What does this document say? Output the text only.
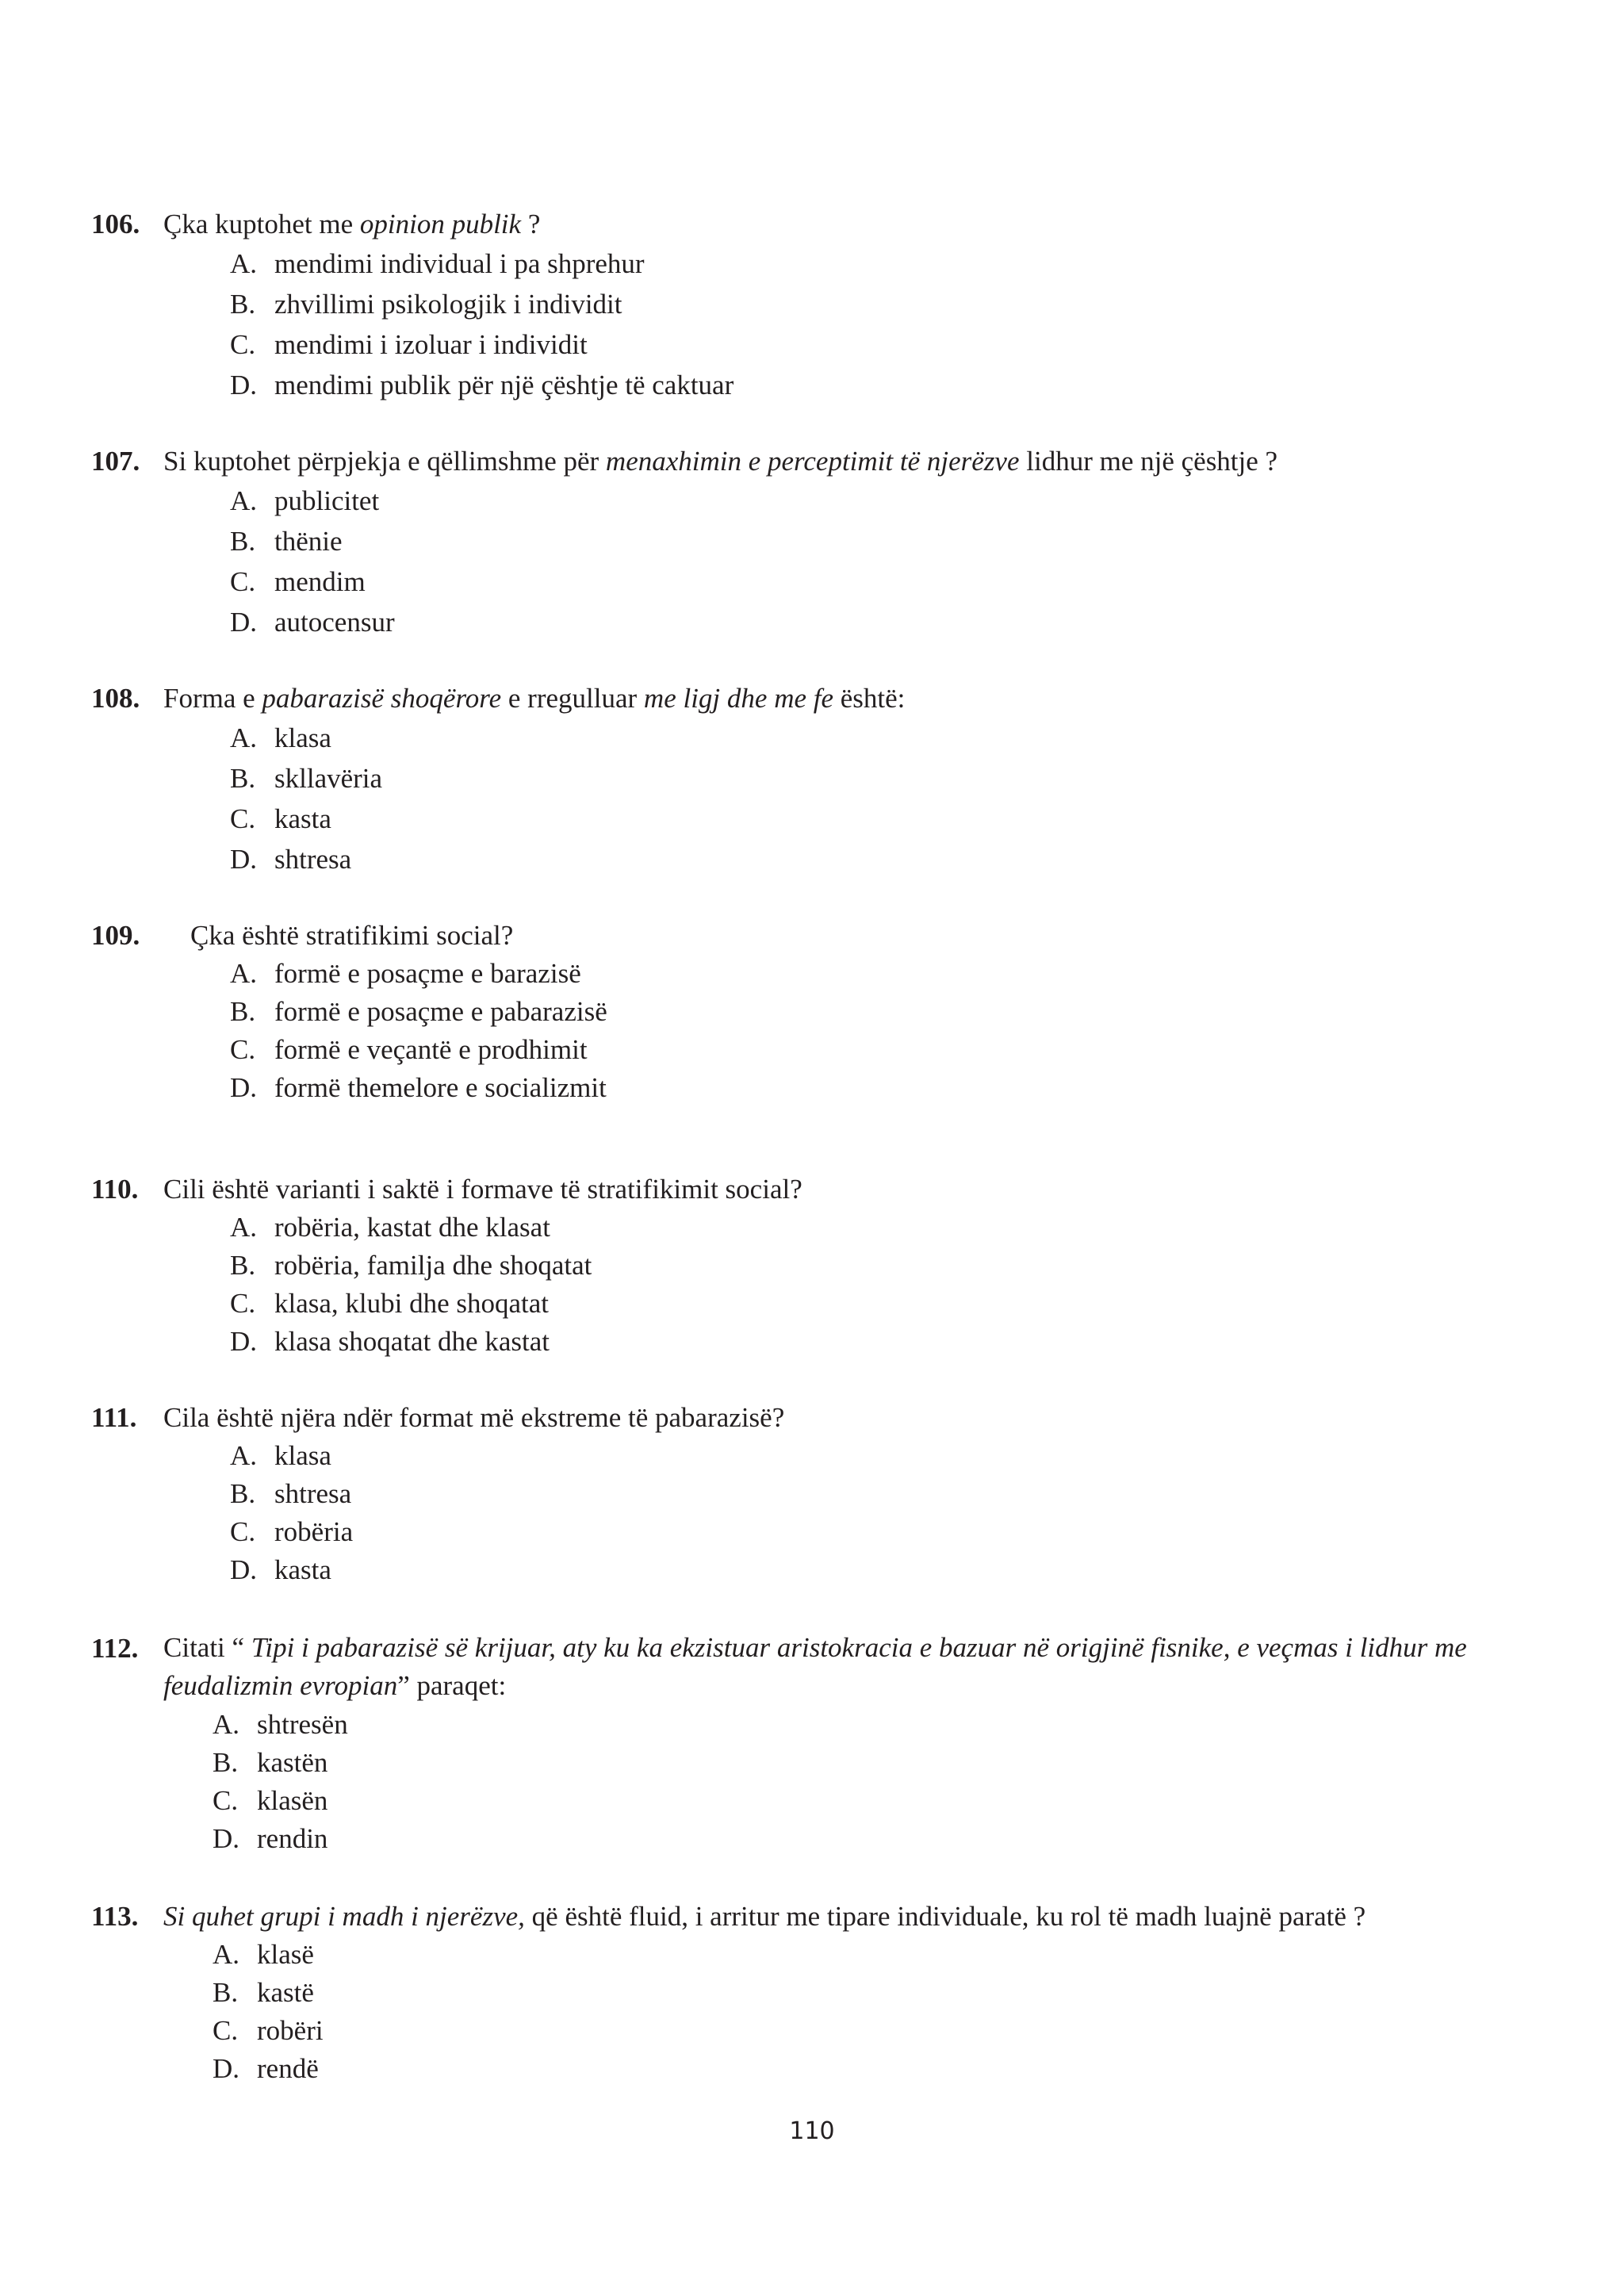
106. Çka kuptohet me opinion publik ?
A. mendimi individual i pa shprehur
B. zhvillimi psikologjik i individit
C. mendimi i izoluar i individit
D. mendimi publik për një çështje të caktuar
107. Si kuptohet përpjekja e qëllimshme për menaxhimin e perceptimit të njerëzve lidhur me një çështje ?
A. publicitet
B. thënie
C. mendim
D. autocensur
108. Forma e pabarazisë shoqërore e rregulluar me ligj dhe me fe është:
A. klasa
B. skllavëria
C. kasta
D. shtresa
109. Çka është stratifikimi social?
A. formë e posaçme e barazisë
B. formë e posaçme e pabarazisë
C. formë e veçantë e prodhimit
D. formë themelore e socializmit
110. Cili është varianti i saktë i formave të stratifikimit social?
A. robëria, kastat dhe klasat
B. robëria, familja dhe shoqatat
C. klasa, klubi dhe shoqatat
D. klasa shoqatat dhe kastat
111. Cila është njëra ndër format më ekstreme të pabarazisë?
A. klasa
B. shtresa
C. robëria
D. kasta
112. Citati “ Tipi i pabarazisë së krijuar, aty ku ka ekzistuar aristokracia e bazuar në origjinë fisnike, e veçmas i lidhur me feudalizmin evropian” paraqet:
A. shtresën
B. kastën
C. klasën
D. rendin
113. Si quhet grupi i madh i njerëzve, që është fluid, i arritur me tipare individuale, ku rol të madh luajnë paratë ?
A. klasë
B. kastë
C. robëri
D. rendë
110
